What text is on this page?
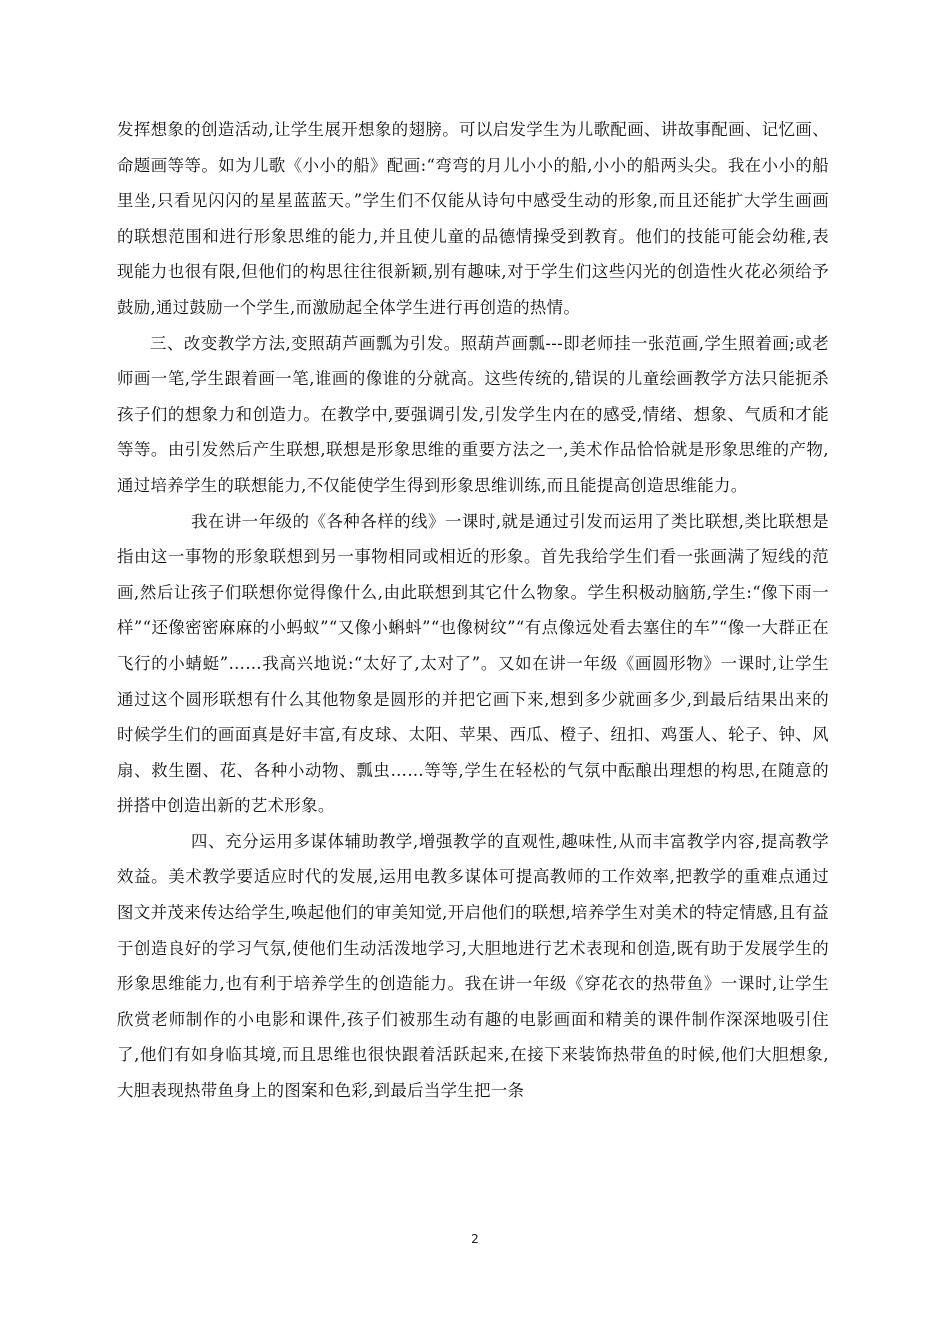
发挥想象的创造活动,让学生展开想象的翅膀。可以启发学生为儿歌配画、讲故事配画、记忆画、命题画等等。如为儿歌《小小的船》配画:“弯弯的月儿小小的船,小小的船两头尖。我在小小的船里坐,只看见闪闪的星星蓝蓝天。”学生们不仅能从诗句中感受生动的形象,而且还能扩大学生画画的联想范围和进行形象思维的能力,并且使儿童的品德情操受到教育。他们的技能可能会幼稚,表现能力也很有限,但他们的构思往往很新颖,别有趣味,对于学生们这些闪光的创造性火花必须给予鼓励,通过鼓励一个学生,而激励起全体学生进行再创造的热情。

三、改变教学方法,变照葫芦画瓢为引发。照葫芦画瓢---即老师挂一张范画,学生照着画;或老师画一笔,学生跟着画一笔,谁画的像谁的分就高。这些传统的,错误的儿童绘画教学方法只能扼杀孩子们的想象力和创造力。在教学中,要强调引发,引发学生内在的感受,情绪、想象、气质和才能等等。由引发然后产生联想,联想是形象思维的重要方法之一,美术作品恰恰就是形象思维的产物,通过培养学生的联想能力,不仅能使学生得到形象思维训练,而且能提高创造思维能力。

我在讲一年级的《各种各样的线》一课时,就是通过引发而运用了类比联想,类比联想是指由这一事物的形象联想到另一事物相同或相近的形象。首先我给学生们看一张画满了短线的范画,然后让孩子们联想你觉得像什么,由此联想到其它什么物象。学生积极动脑筋,学生:“像下雨一样”“还像密密麻麻的小蚂蚁”“又像小蝌蚪”“也像树纹”“有点像远处看去塞住的车”“像一大群正在飞行的小蜻蜓”……我高兴地说:“太好了,太对了”。又如在讲一年级《画圆形物》一课时,让学生通过这个圆形联想有什么其他物象是圆形的并把它画下来,想到多少就画多少,到最后结果出来的时候学生们的画面真是好丰富,有皮球、太阳、苹果、西瓜、橙子、纽扣、鸡蛋人、轮子、钟、风扇、救生圈、花、各种小动物、瓢虫……等等,学生在轻松的气氛中酝酿出理想的构思,在随意的拼搭中创造出新的艺术形象。

四、充分运用多谋体辅助教学,增强教学的直观性,趣味性,从而丰富教学内容,提高教学效益。美术教学要适应时代的发展,运用电教多谋体可提高教师的工作效率,把教学的重难点通过图文并茂来传达给学生,唤起他们的审美知觉,开启他们的联想,培养学生对美术的特定情感,且有益于创造良好的学习气氛,使他们生动活泼地学习,大胆地进行艺术表现和创造,既有助于发展学生的形象思维能力,也有利于培养学生的创造能力。我在讲一年级《穿花衣的热带鱼》一课时,让学生欣赏老师制作的小电影和课件,孩子们被那生动有趣的电影画面和精美的课件制作深深地吸引住了,他们有如身临其境,而且思维也很快跟着活跃起来,在接下来装饰热带鱼的时候,他们大胆想象,大胆表现热带鱼身上的图案和色彩,到最后当学生把一条

2
